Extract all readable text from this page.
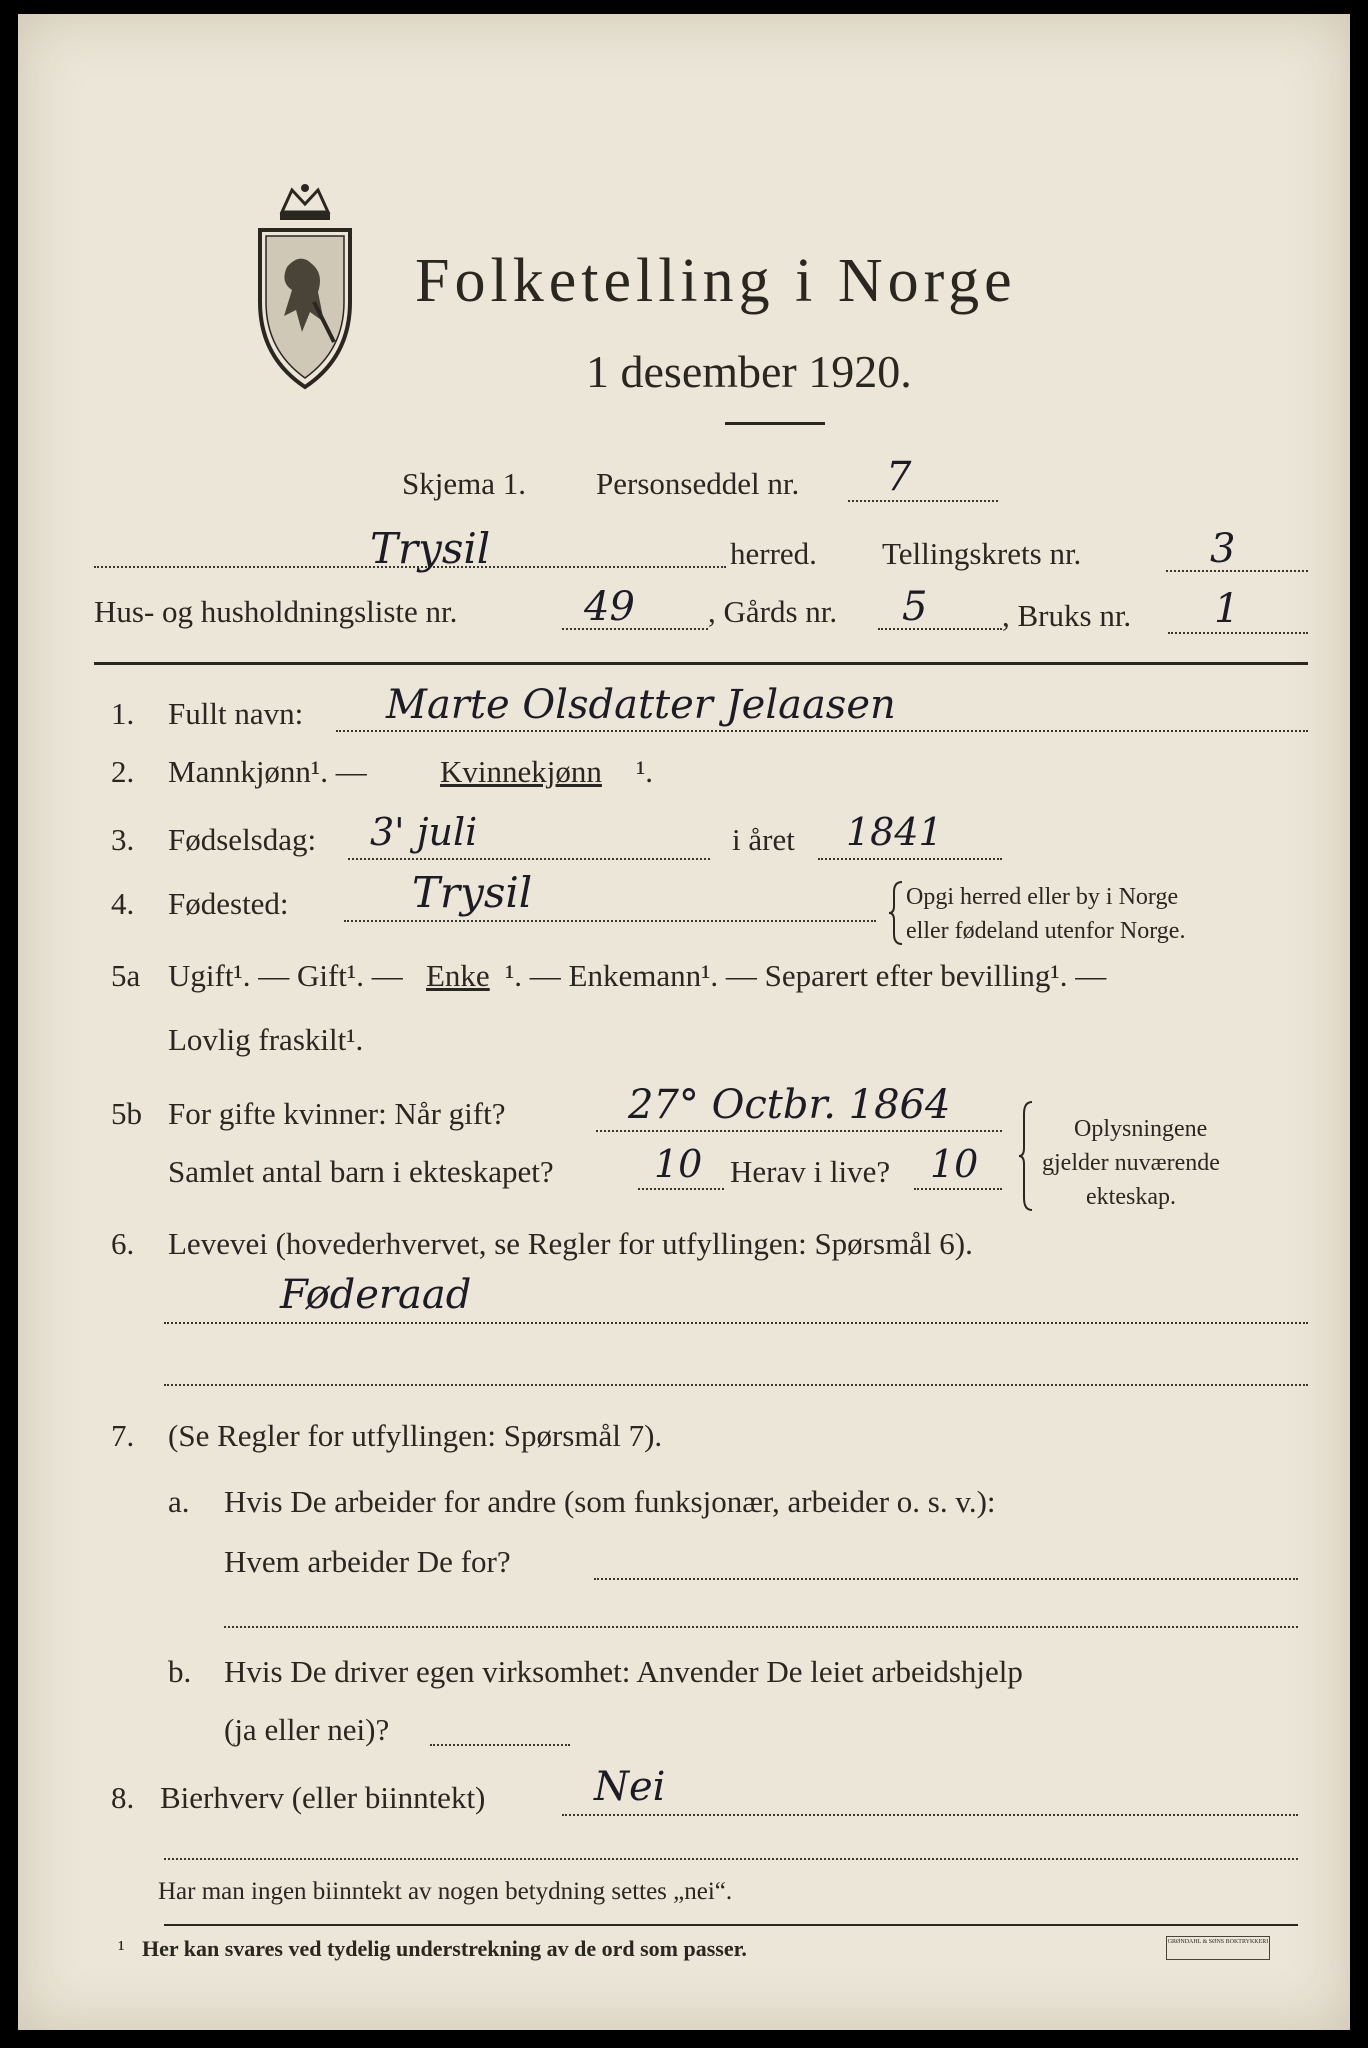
Folketelling i Norge
1 desember 1920.
Skjema 1. Personseddel nr. 7
Trysil	herred. Tellingskrets nr.	3
Hus- og husholdningsliste nr.	49 , Gårds nr. 5 , Bruks nr. 1
1. Fullt navn: Marte Olsdatter Jelaasen
2. Mannkjønn¹. — Kvinnekjønn ¹.
3. Fødselsdag: 3' juli	i året 1841
4. Fødested:	Trysil	Opgi herred eller by i Norge
eller fødeland utenfor Norge.
5a Ugift¹. — Gift¹. — Enke ¹. — Enkemann¹. — Separert efter bevilling¹. —
Lovlig fraskilt¹.
5b For gifte kvinner: Når gift?	27° Octbr. 1864
Samlet antal barn i ekteskapet?	10 Herav i live? 10
Oplysningene
gjelder nuværende
ekteskap.
6. Levevei (hovederhvervet, se Regler for utfyllingen: Spørsmål 6).
Føderaad
7. (Se Regler for utfyllingen: Spørsmål 7).
a. Hvis De arbeider for andre (som funksjonær, arbeider o. s. v.):
Hvem arbeider De for?
b. Hvis De driver egen virksomhet: Anvender De leiet arbeidshjelp
(ja eller nei)?
8. Bierhverv (eller biinntekt)	Nei
Har man ingen biinntekt av nogen betydning settes „nei“.
¹ Her kan svares ved tydelig understrekning av de ord som passer.	GRØNDAHL & SØNS BOKTRYKKERI
